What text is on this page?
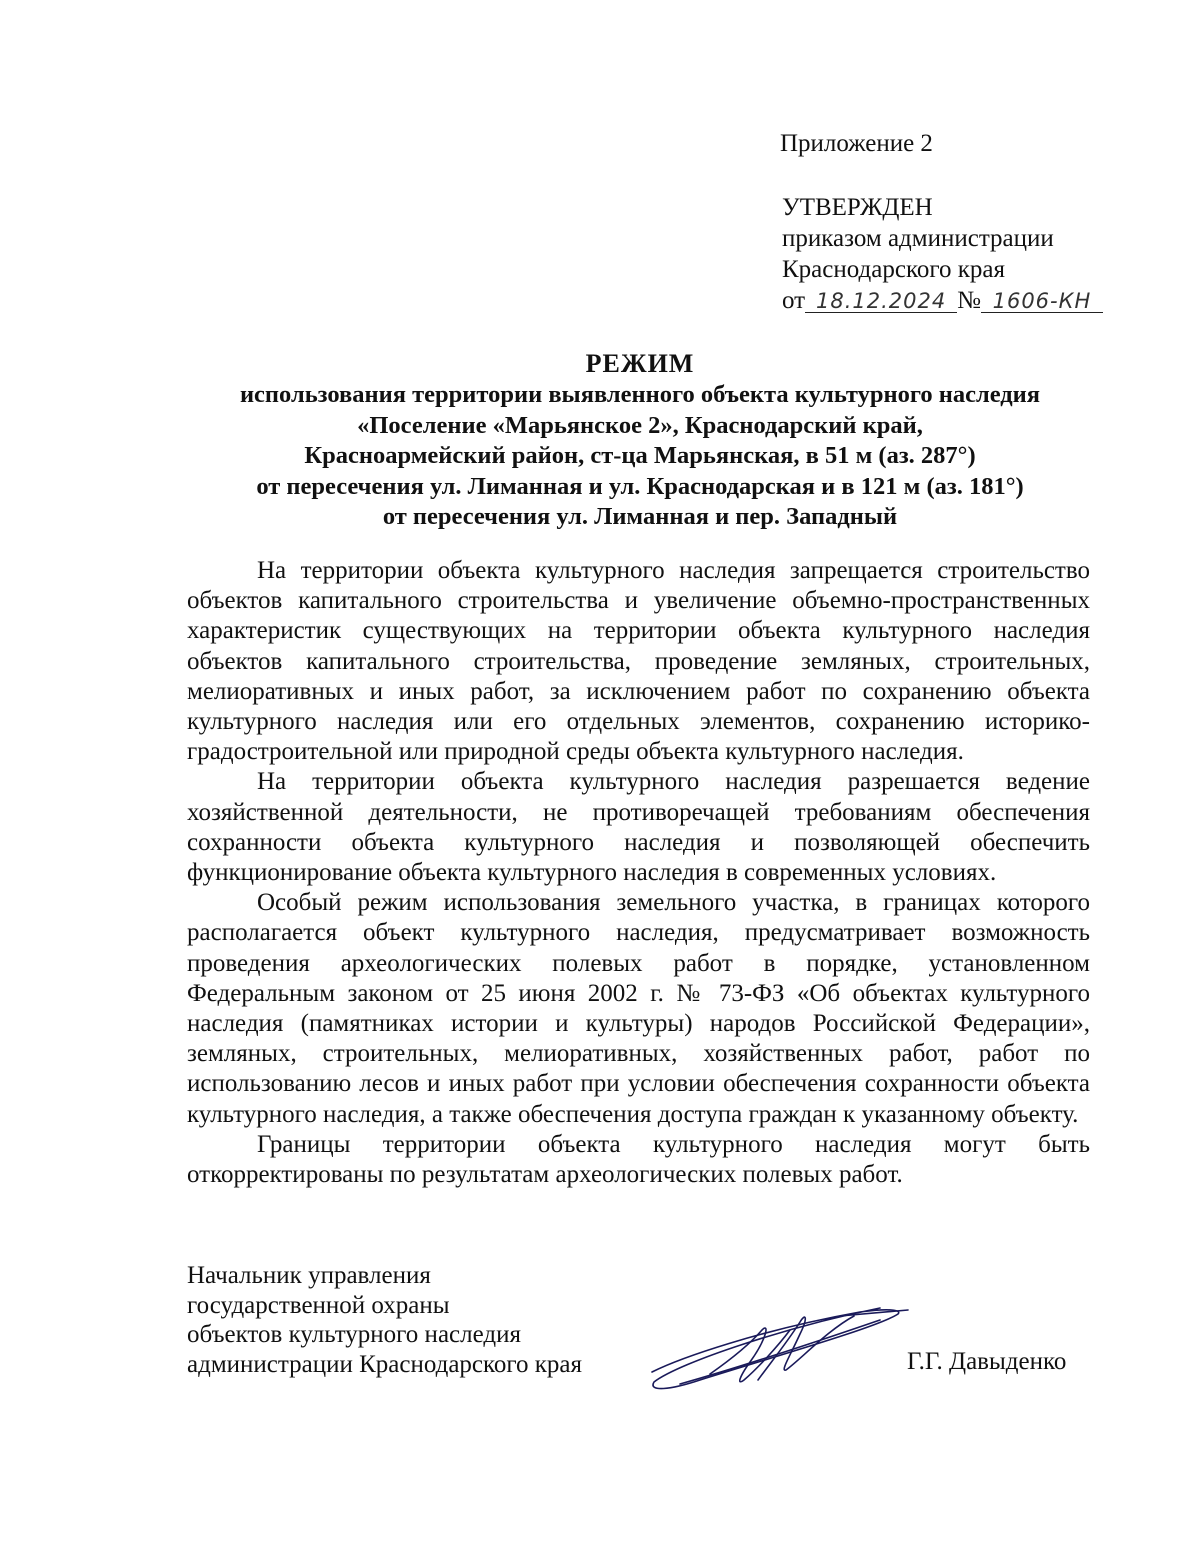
Приложение 2
УТВЕРЖДЕН
приказом администрации
Краснодарского края
от 18.12.2024 № 1606-КН
РЕЖИМ
использования территории выявленного объекта культурного наследия
«Поселение «Марьянское 2», Краснодарский край,
Красноармейский район, ст-ца Марьянская, в 51 м (аз. 287°)
от пересечения ул. Лиманная и ул. Краснодарская и в 121 м (аз. 181°)
от пересечения ул. Лиманная и пер. Западный

На территории объекта культурного наследия запрещается строительство объектов капитального строительства и увеличение объемно-пространственных характеристик существующих на территории объекта культурного наследия объектов капитального строительства, проведение земляных, строительных, мелиоративных и иных работ, за исключением работ по сохранению объекта культурного наследия или его отдельных элементов, сохранению историко-градостроительной или природной среды объекта культурного наследия.

На территории объекта культурного наследия разрешается ведение хозяйственной деятельности, не противоречащей требованиям обеспечения сохранности объекта культурного наследия и позволяющей обеспечить функционирование объекта культурного наследия в современных условиях.

Особый режим использования земельного участка, в границах которого располагается объект культурного наследия, предусматривает возможность проведения археологических полевых работ в порядке, установленном Федеральным законом от 25 июня 2002 г. № 73-ФЗ «Об объектах культурного наследия (памятниках истории и культуры) народов Российской Федерации», земляных, строительных, мелиоративных, хозяйственных работ, работ по использованию лесов и иных работ при условии обеспечения сохранности объекта культурного наследия, а также обеспечения доступа граждан к указанному объекту.

Границы территории объекта культурного наследия могут быть откорректированы по результатам археологических полевых работ.

Начальник управления
государственной охраны
объектов культурного наследия
администрации Краснодарского края	Г.Г. Давыденко
